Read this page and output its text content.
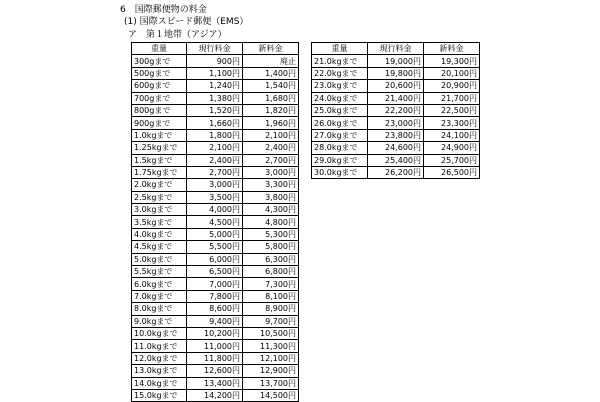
6　国際郵便物の料金
(1) 国際スピード郵便（EMS）
ア　第１地帯（アジア）
重量	現行料金	新料金
300gまで	900円	廃止
500gまで	1,100円	1,400円
600gまで	1,240円	1,540円
700gまで	1,380円	1,680円
800gまで	1,520円	1,820円
900gまで	1,660円	1,960円
1.0kgまで	1,800円	2,100円
1.25kgまで	2,100円	2,400円
1.5kgまで	2,400円	2,700円
1.75kgまで	2,700円	3,000円
2.0kgまで	3,000円	3,300円
2.5kgまで	3,500円	3,800円
3.0kgまで	4,000円	4,300円
3.5kgまで	4,500円	4,800円
4.0kgまで	5,000円	5,300円
4.5kgまで	5,500円	5,800円
5.0kgまで	6,000円	6,300円
5.5kgまで	6,500円	6,800円
6.0kgまで	7,000円	7,300円
7.0kgまで	7,800円	8,100円
8.0kgまで	8,600円	8,900円
9.0kgまで	9,400円	9,700円
10.0kgまで	10,200円	10,500円
11.0kgまで	11,000円	11,300円
12.0kgまで	11,800円	12,100円
13.0kgまで	12,600円	12,900円
14.0kgまで	13,400円	13,700円
15.0kgまで	14,200円	14,500円
重量	現行料金	新料金
21.0kgまで	19,000円	19,300円
22.0kgまで	19,800円	20,100円
23.0kgまで	20,600円	20,900円
24.0kgまで	21,400円	21,700円
25.0kgまで	22,200円	22,500円
26.0kgまで	23,000円	23,300円
27.0kgまで	23,800円	24,100円
28.0kgまで	24,600円	24,900円
29.0kgまで	25,400円	25,700円
30.0kgまで	26,200円	26,500円
